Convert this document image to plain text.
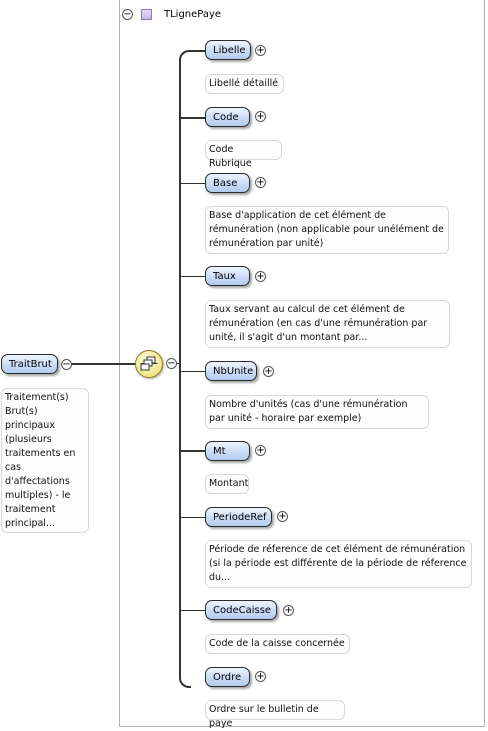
−	TLignePaye
TraitBrut −
Traitement(s) Brut(s) principaux (plusieurs traitements en cas d'affectations multiples) - le traitement principal...
−
Libelle +
Libellé détaillé
Code +
Code Rubrique
Base +
Base d'application de cet élément de rémunération (non applicable pour unélément de rémunération par unité)
Taux +
Taux servant au calcul de cet élément de rémunération (en cas d'une rémunération par unité, il s'agit d'un montant par...
NbUnite +
Nombre d'unités (cas d'une rémunération par unité - horaire par exemple)
Mt	+
Montant
PeriodeRef +
Période de réference de cet élément de rémunération (si la période est différente de la période de réference du...
CodeCaisse +
Code de la caisse concernée
Ordre +
Ordre sur le bulletin de paye
